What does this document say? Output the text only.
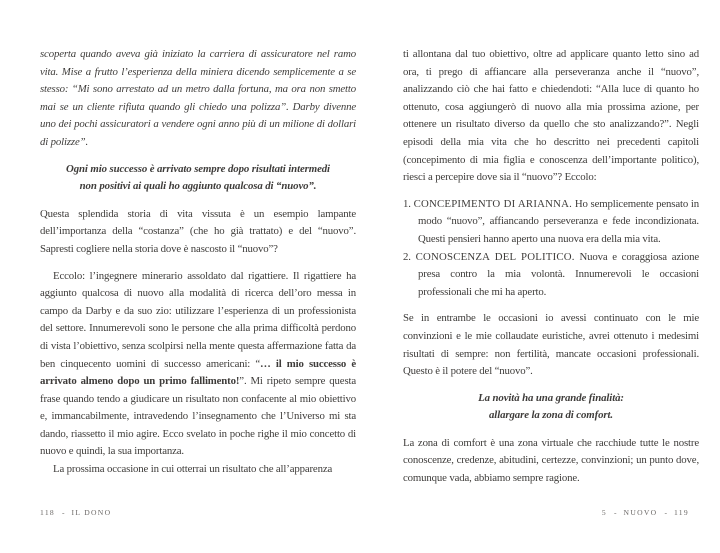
scoperta quando aveva già iniziato la carriera di assicuratore nel ramo vita. Mise a frutto l’esperienza della miniera dicendo semplicemente a se stesso: “Mi sono arrestato ad un metro dalla fortuna, ma ora non smetto mai se un cliente rifiuta quando gli chiedo una polizza”. Darby divenne uno dei pochi assicuratori a vendere ogni anno più di un milione di dollari di polizze”.

Ogni mio successo è arrivato sempre dopo risultati intermedi
non positivi ai quali ho aggiunto qualcosa di “nuovo”.

Questa splendida storia di vita vissuta è un esempio lampante dell’importanza della “costanza” (che ho già trattato) e del “nuovo”. Sapresti cogliere nella storia dove è nascosto il “nuovo”?

Eccolo: l’ingegnere minerario assoldato dal rigattiere. Il rigattiere ha aggiunto qualcosa di nuovo alla modalità di ricerca dell’oro messa in campo da Darby e da suo zio: utilizzare l’esperienza di un professionista del settore. Innumerevoli sono le persone che alla prima difficoltà perdono di vista l’obiettivo, senza scolpirsi nella mente questa affermazione fatta da ben cinquecento uomini di successo americani: “… il mio successo è arrivato almeno dopo un primo fallimento!”. Mi ripeto sempre questa frase quando tendo a giudicare un risultato non confacente al mio obiettivo e, immancabilmente, intravedendo l’insegnamento che l’Universo mi sta dando, riassetto il mio agire. Ecco svelato in poche righe il mio concetto di nuovo e quindi, la sua importanza.

La prossima occasione in cui otterrai un risultato che all’apparenza

ti allontana dal tuo obiettivo, oltre ad applicare quanto letto sino ad ora, ti prego di affiancare alla perseveranza anche il “nuovo”, analizzando ciò che hai fatto e chiedendoti: “Alla luce di quanto ho ottenuto, cosa aggiungerò di nuovo alla mia prossima azione, per ottenere un risultato diverso da quello che sto analizzando?”. Negli episodi della mia vita che ho descritto nei precedenti capitoli (concepimento di mia figlia e conoscenza dell’importante politico), riesci a percepire dove sia il “nuovo”? Eccolo:

1. CONCEPIMENTO DI ARIANNA. Ho semplicemente pensato in modo “nuovo”, affiancando perseveranza e fede incondizionata. Questi pensieri hanno aperto una nuova era della mia vita.

2. CONOSCENZA DEL POLITICO. Nuova e coraggiosa azione presa contro la mia volontà. Innumerevoli le occasioni professionali che mi ha aperto.

Se in entrambe le occasioni io avessi continuato con le mie convinzioni e le mie collaudate euristiche, avrei ottenuto i medesimi risultati di sempre: non fertilità, mancate occasioni professionali. Questo è il potere del “nuovo”.

La novità ha una grande finalità:
allargare la zona di comfort.

La zona di comfort è una zona virtuale che racchiude tutte le nostre conoscenze, credenze, abitudini, certezze, convinzioni; un punto dove, comunque vada, abbiamo sempre ragione.

118 - IL DONO	5 - NUOVO - 119
